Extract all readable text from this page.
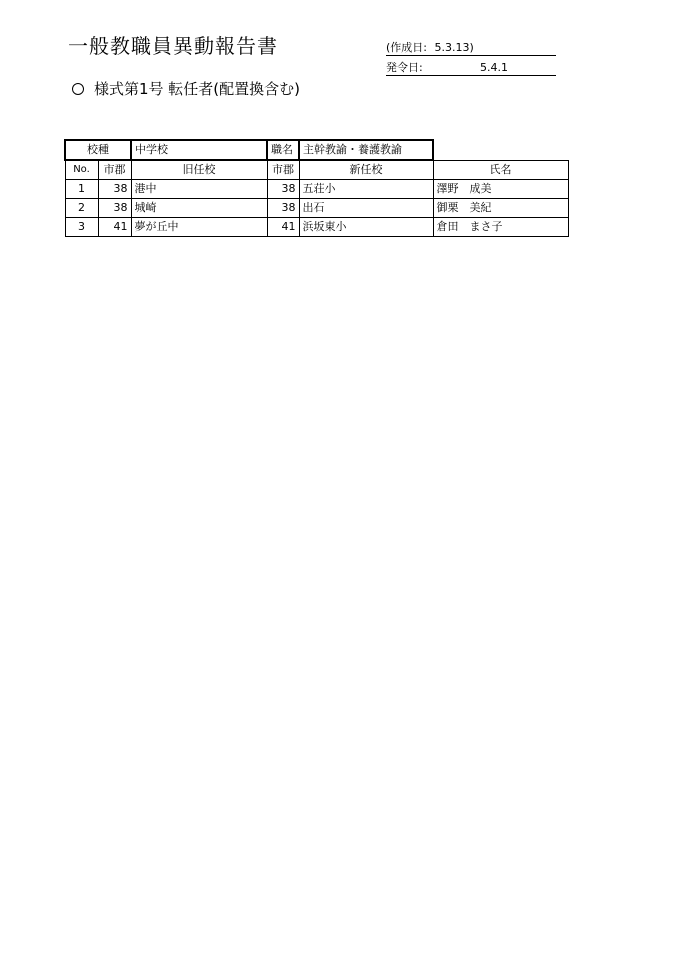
一般教職員異動報告書	(作成日: 5.3.13)
発令日:	5.4.1
様式第1号 転任者(配置換含む)
校種		中学校	職名	主幹教諭・養護教諭	
No.	市郡	旧任校	市郡	新任校	氏名
1	38	港中	38	五荘小	澤野　成美
2	38	城崎	38	出石	御栗　美紀
3	41	夢が丘中	41	浜坂東小	倉田　まさ子
